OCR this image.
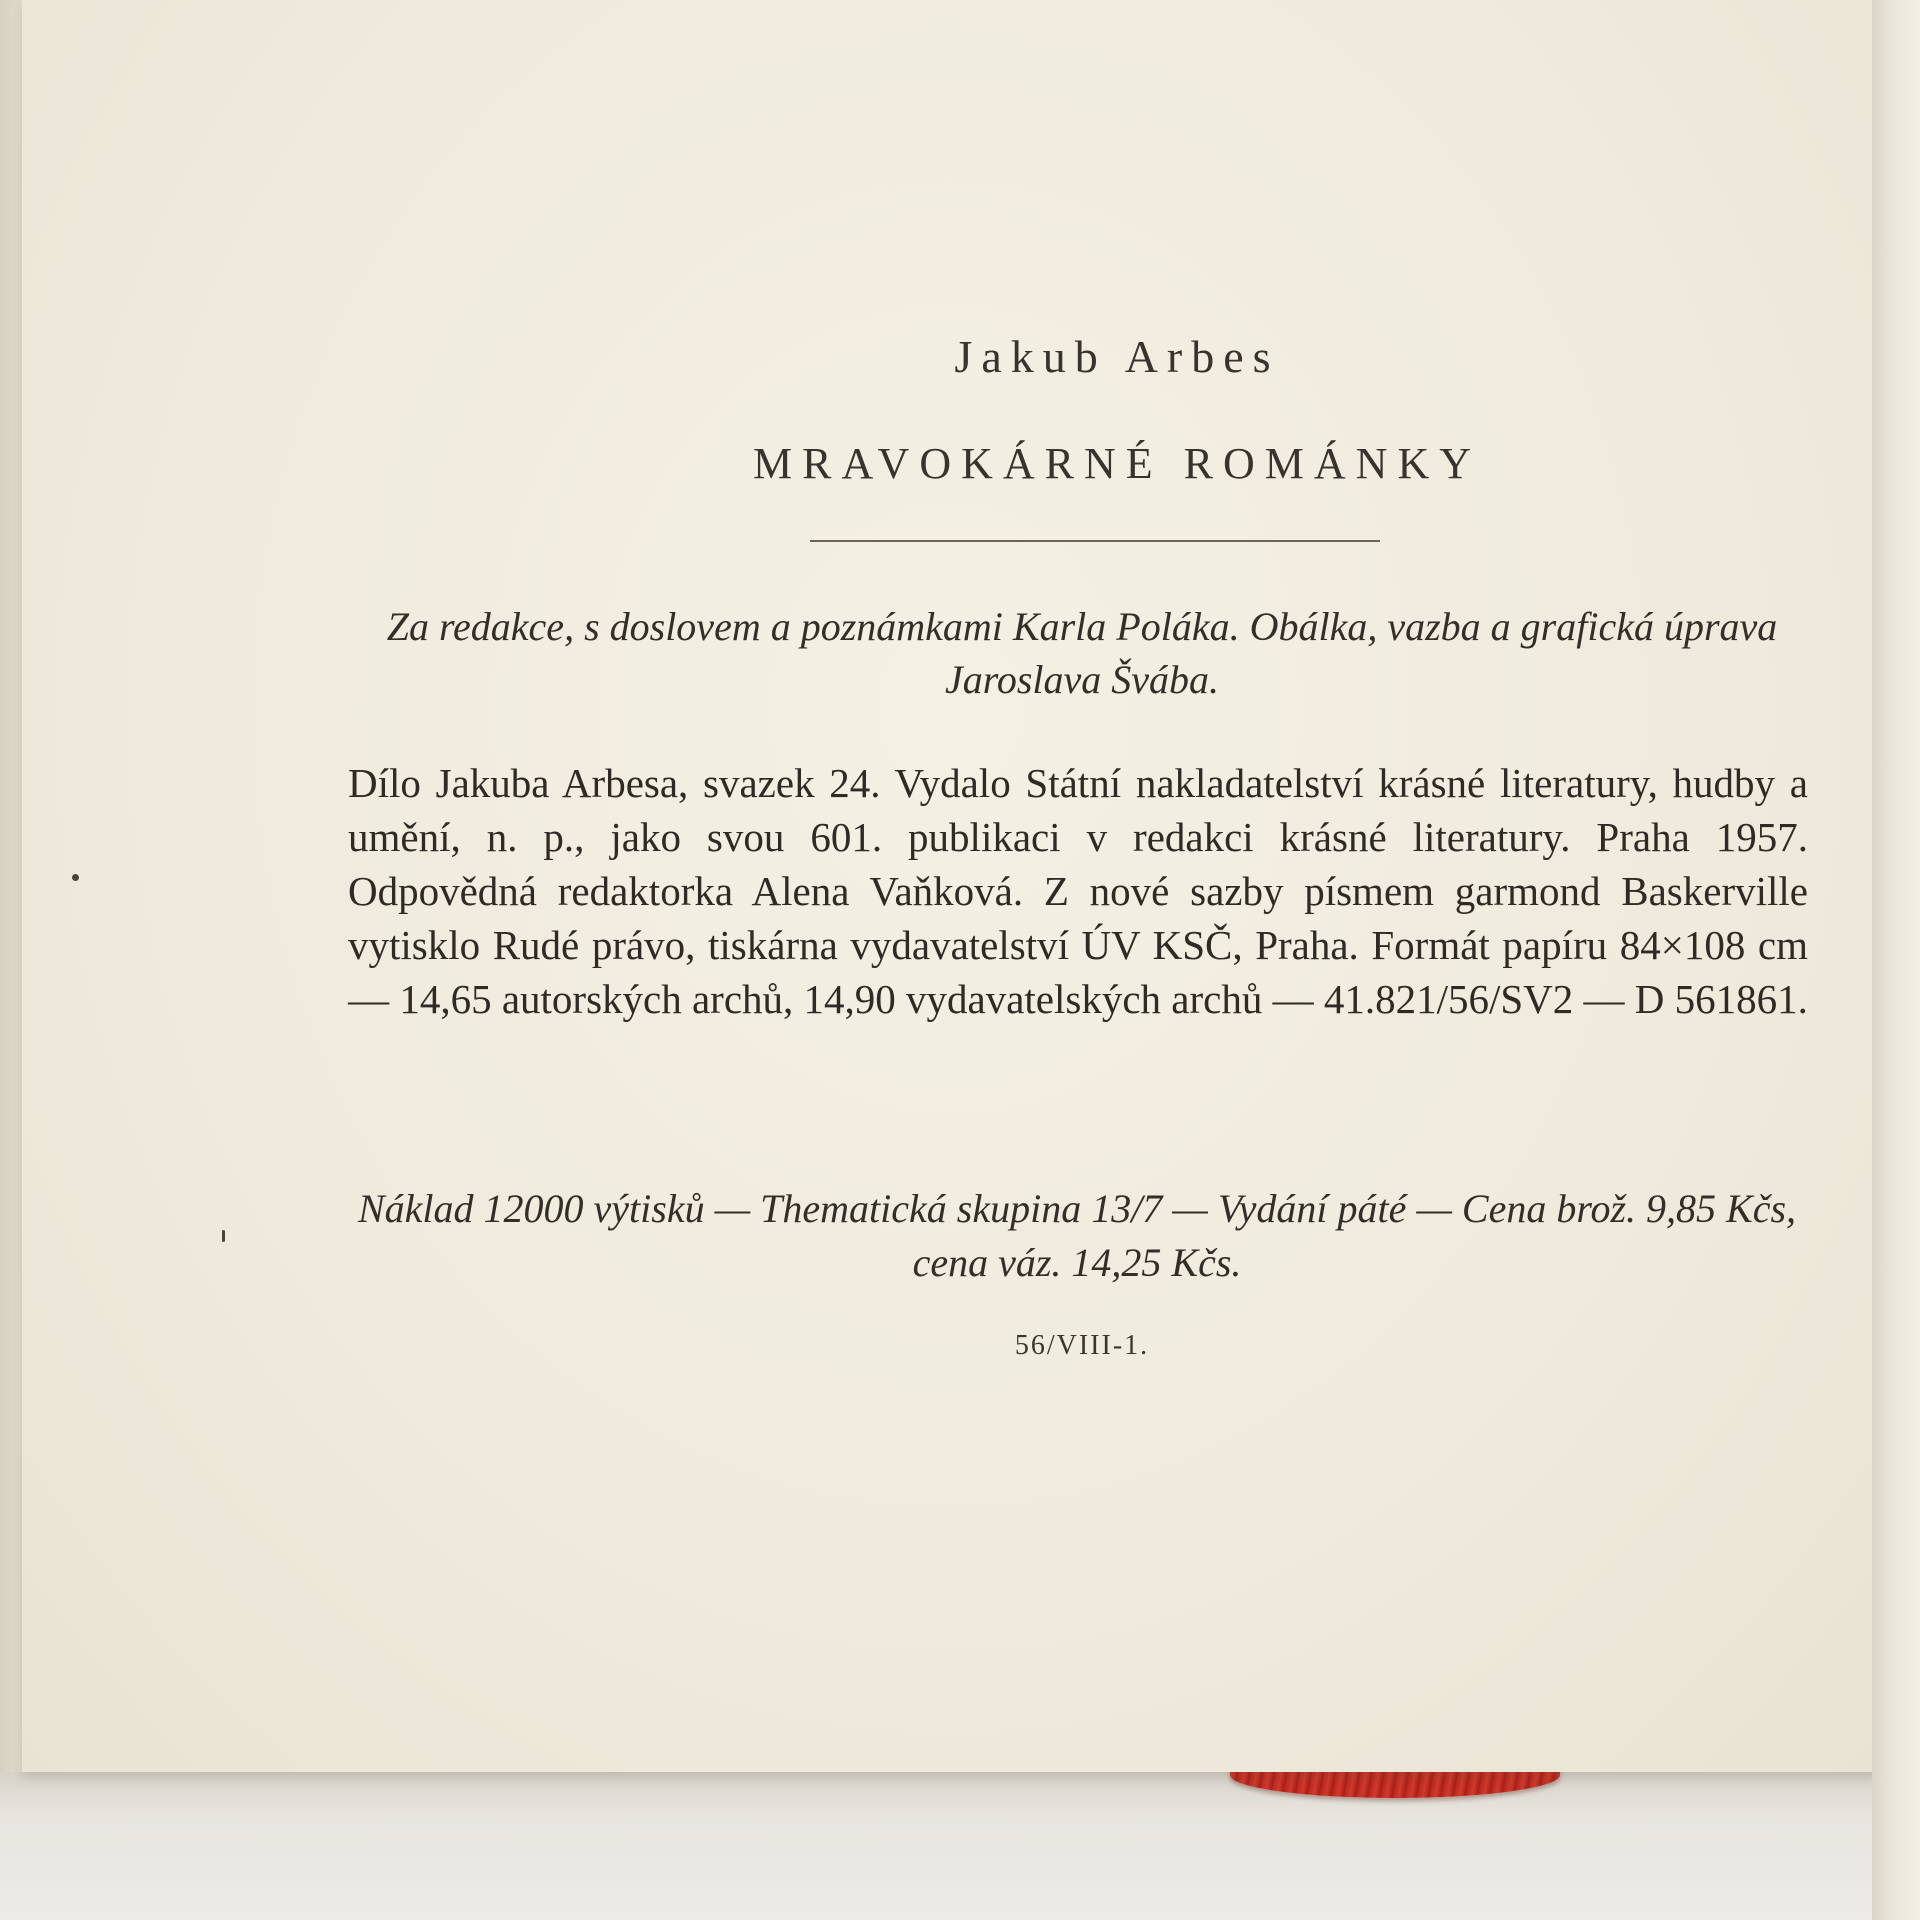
Jakub Arbes
MRAVOKÁRNÉ ROMÁNKY
Za redakce, s doslovem a poznámkami Karla Poláka. Obálka, vazba a grafická úprava Jaroslava Švába.
Dílo Jakuba Arbesa, svazek 24. Vydalo Státní nakladatelství krásné literatury, hudby a umění, n. p., jako svou 601. publikaci v redakci krásné literatury. Praha 1957. Odpovědná redaktorka Alena Vaňková. Z nové sazby písmem garmond Baskerville vytisklo Rudé právo, tiskárna vydavatelství ÚV KSČ, Praha. Formát papíru 84×108 cm — 14,65 autorských archů, 14,90 vydavatelských archů — 41.821/56/SV2 — D 561861.
Náklad 12000 výtisků — Thematická skupina 13/7 — Vydání páté — Cena brož. 9,85 Kčs, cena váz. 14,25 Kčs.
56/VIII-1.
